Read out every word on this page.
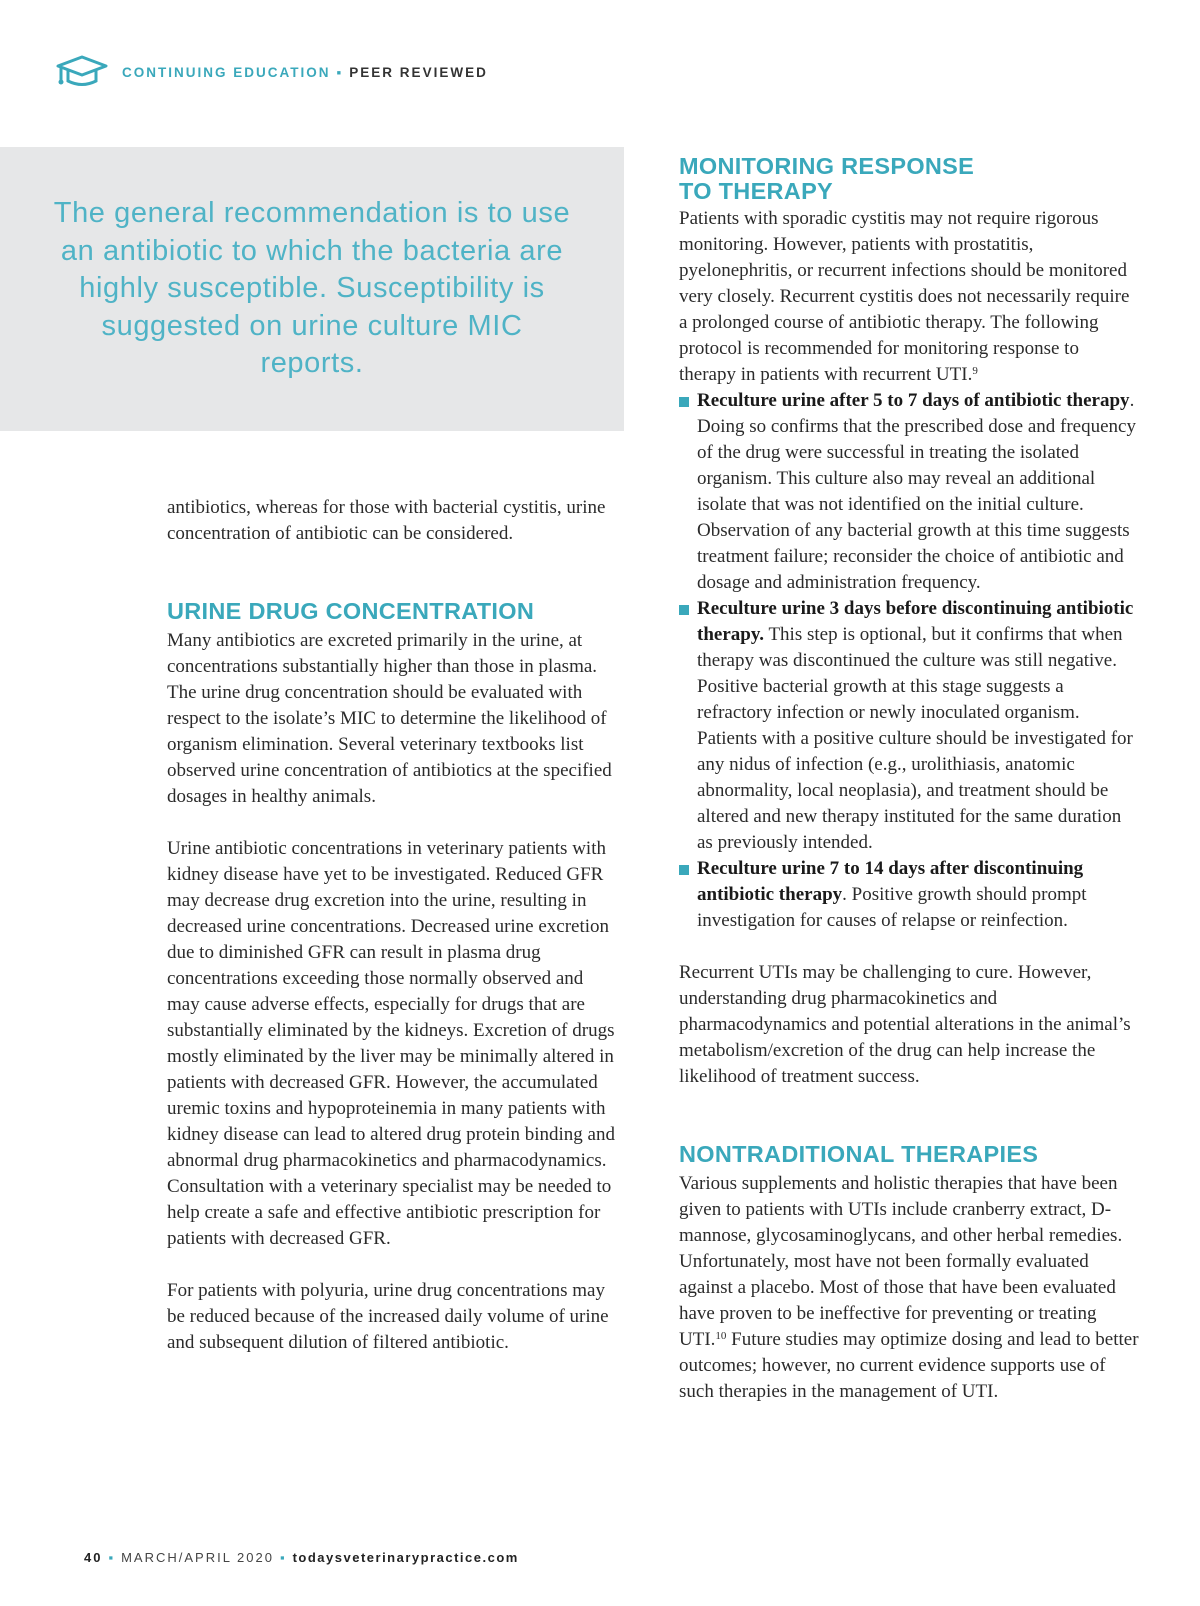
CONTINUING EDUCATION ▪ PEER REVIEWED

The general recommendation is to use an antibiotic to which the bacteria are highly susceptible. Susceptibility is suggested on urine culture MIC reports.

antibiotics, whereas for those with bacterial cystitis, urine concentration of antibiotic can be considered.

URINE DRUG CONCENTRATION

Many antibiotics are excreted primarily in the urine, at concentrations substantially higher than those in plasma. The urine drug concentration should be evaluated with respect to the isolate’s MIC to determine the likelihood of organism elimination. Several veterinary textbooks list observed urine concentration of antibiotics at the specified dosages in healthy animals.

Urine antibiotic concentrations in veterinary patients with kidney disease have yet to be investigated. Reduced GFR may decrease drug excretion into the urine, resulting in decreased urine concentrations. Decreased urine excretion due to diminished GFR can result in plasma drug concentrations exceeding those normally observed and may cause adverse effects, especially for drugs that are substantially eliminated by the kidneys. Excretion of drugs mostly eliminated by the liver may be minimally altered in patients with decreased GFR. However, the accumulated uremic toxins and hypoproteinemia in many patients with kidney disease can lead to altered drug protein binding and abnormal drug pharmacokinetics and pharmacodynamics. Consultation with a veterinary specialist may be needed to help create a safe and effective antibiotic prescription for patients with decreased GFR.

For patients with polyuria, urine drug concentrations may be reduced because of the increased daily volume of urine and subsequent dilution of filtered antibiotic.

MONITORING RESPONSE
TO THERAPY

Patients with sporadic cystitis may not require rigorous monitoring. However, patients with prostatitis, pyelonephritis, or recurrent infections should be monitored very closely. Recurrent cystitis does not necessarily require a prolonged course of antibiotic therapy. The following protocol is recommended for monitoring response to therapy in patients with recurrent UTI.$^9$

Reculture urine after 5 to 7 days of antibiotic therapy. Doing so confirms that the prescribed dose and frequency of the drug were successful in treating the isolated organism. This culture also may reveal an additional isolate that was not identified on the initial culture. Observation of any bacterial growth at this time suggests treatment failure; reconsider the choice of antibiotic and dosage and administration frequency.
Reculture urine 3 days before discontinuing antibiotic therapy. This step is optional, but it confirms that when therapy was discontinued the culture was still negative. Positive bacterial growth at this stage suggests a refractory infection or newly inoculated organism. Patients with a positive culture should be investigated for any nidus of infection (e.g., urolithiasis, anatomic abnormality, local neoplasia), and treatment should be altered and new therapy instituted for the same duration as previously intended.
Reculture urine 7 to 14 days after discontinuing antibiotic therapy. Positive growth should prompt investigation for causes of relapse or reinfection.

Recurrent UTIs may be challenging to cure. However, understanding drug pharmacokinetics and pharmacodynamics and potential alterations in the animal’s metabolism/excretion of the drug can help increase the likelihood of treatment success.

NONTRADITIONAL THERAPIES

Various supplements and holistic therapies that have been given to patients with UTIs include cranberry extract, D-mannose, glycosaminoglycans, and other herbal remedies. Unfortunately, most have not been formally evaluated against a placebo. Most of those that have been evaluated have proven to be ineffective for preventing or treating UTI.$^{10}$ Future studies may optimize dosing and lead to better outcomes; however, no current evidence supports use of such therapies in the management of UTI.

40 ▪ MARCH/APRIL 2020 ▪ todaysveterinarypractice.com
